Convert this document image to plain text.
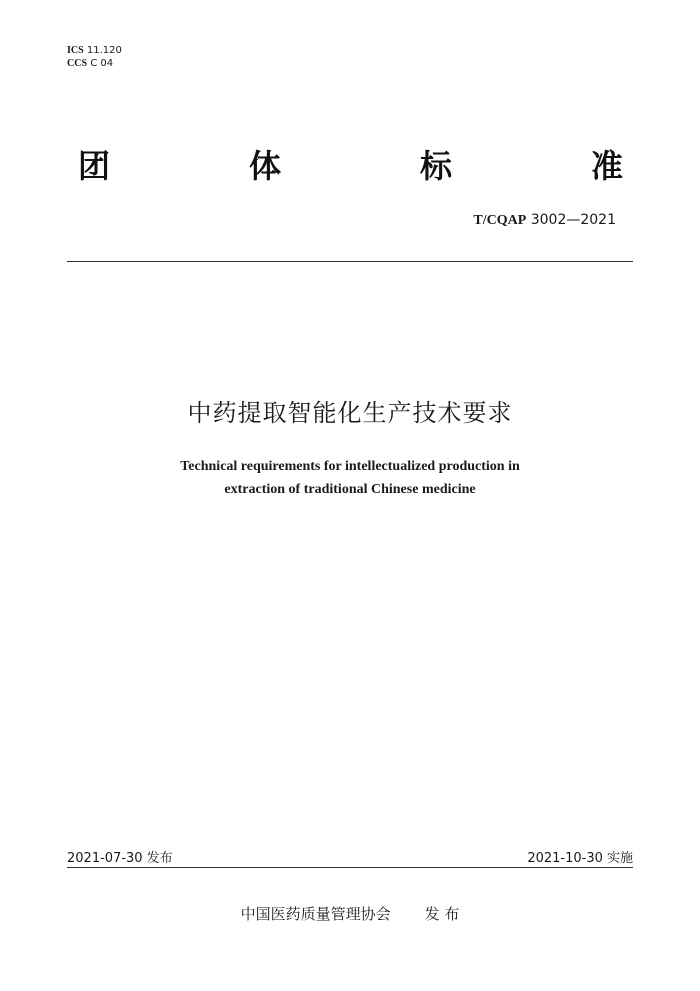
ICS 11.120
CCS C 04
团	体	标	准
T/CQAP 3002—2021
中药提取智能化生产技术要求
Technical requirements for intellectualized production in
extraction of traditional Chinese medicine
2021-07-30 发布	2021-10-30 实施
中国医药质量管理协会 发 布
